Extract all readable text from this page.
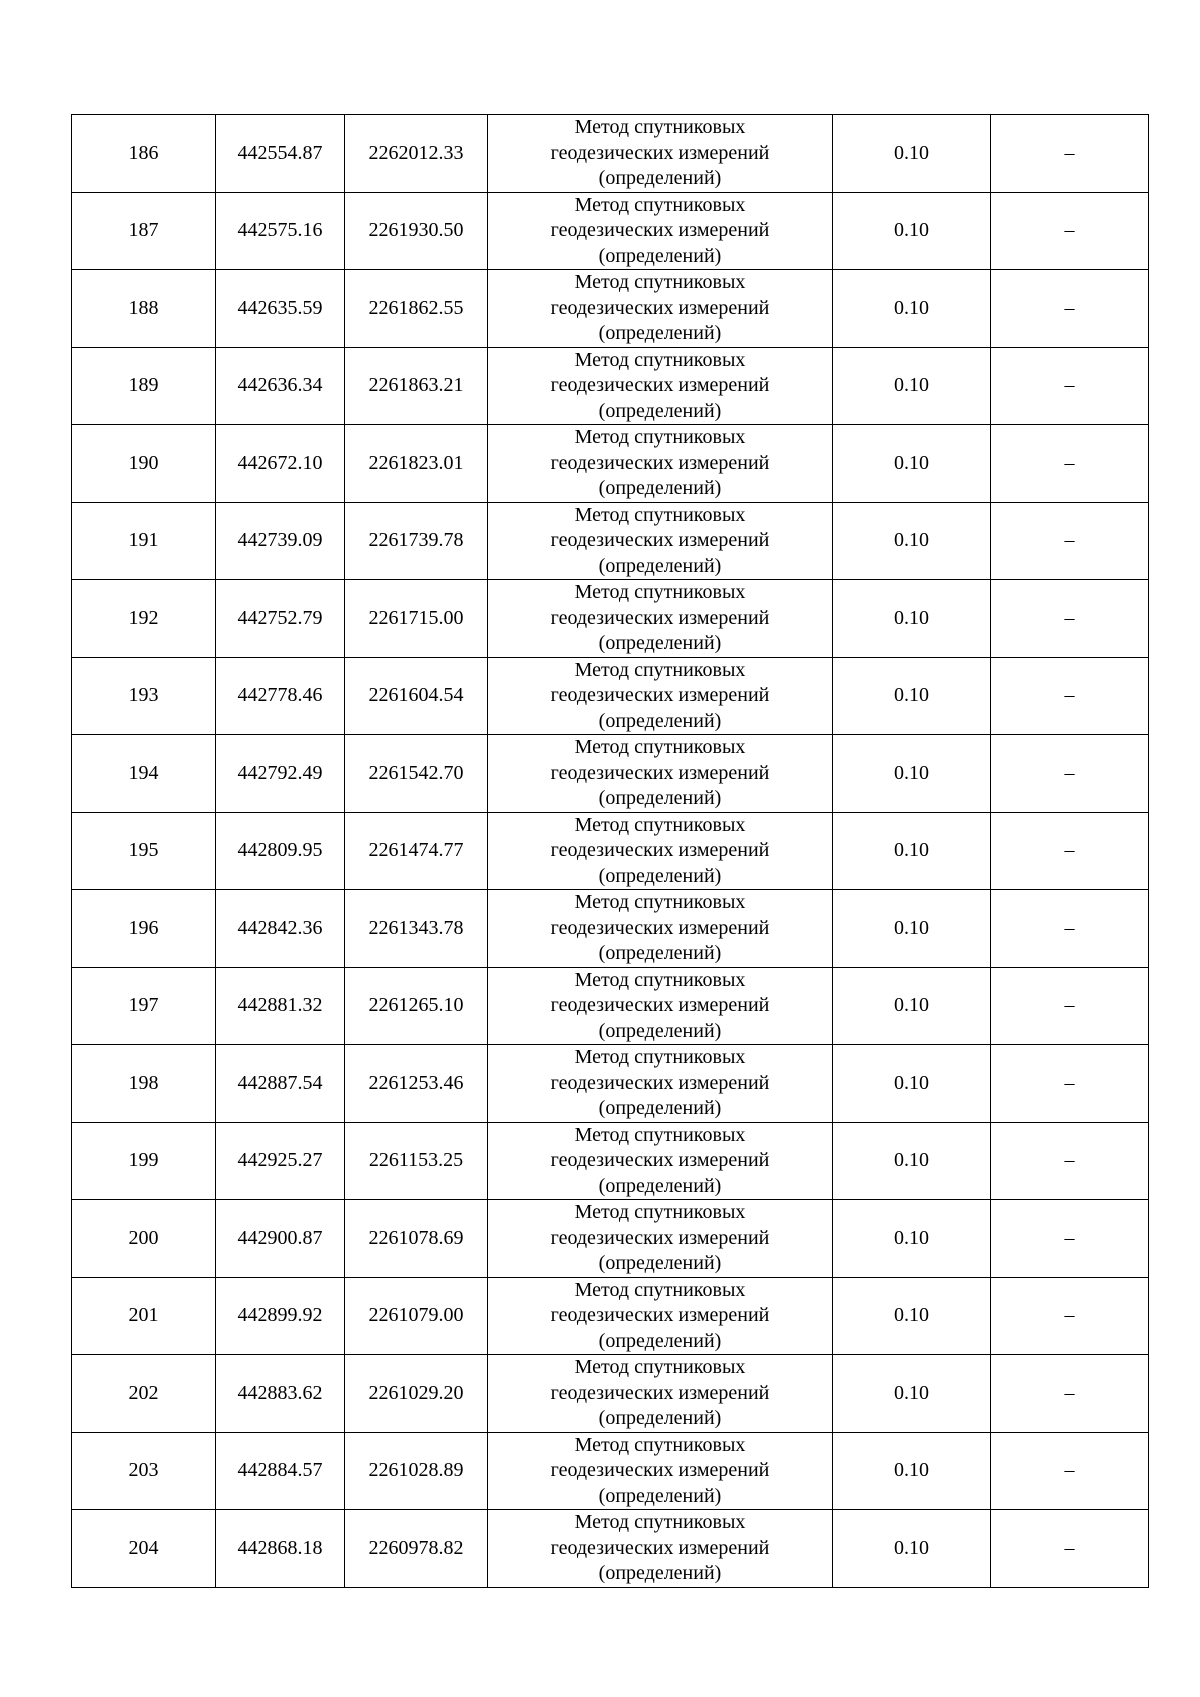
186	442554.87	2262012.33	Метод спутниковых
геодезических измерений
(определений)	0.10	–
187	442575.16	2261930.50	Метод спутниковых
геодезических измерений
(определений)	0.10	–
188	442635.59	2261862.55	Метод спутниковых
геодезических измерений
(определений)	0.10	–
189	442636.34	2261863.21	Метод спутниковых
геодезических измерений
(определений)	0.10	–
190	442672.10	2261823.01	Метод спутниковых
геодезических измерений
(определений)	0.10	–
191	442739.09	2261739.78	Метод спутниковых
геодезических измерений
(определений)	0.10	–
192	442752.79	2261715.00	Метод спутниковых
геодезических измерений
(определений)	0.10	–
193	442778.46	2261604.54	Метод спутниковых
геодезических измерений
(определений)	0.10	–
194	442792.49	2261542.70	Метод спутниковых
геодезических измерений
(определений)	0.10	–
195	442809.95	2261474.77	Метод спутниковых
геодезических измерений
(определений)	0.10	–
196	442842.36	2261343.78	Метод спутниковых
геодезических измерений
(определений)	0.10	–
197	442881.32	2261265.10	Метод спутниковых
геодезических измерений
(определений)	0.10	–
198	442887.54	2261253.46	Метод спутниковых
геодезических измерений
(определений)	0.10	–
199	442925.27	2261153.25	Метод спутниковых
геодезических измерений
(определений)	0.10	–
200	442900.87	2261078.69	Метод спутниковых
геодезических измерений
(определений)	0.10	–
201	442899.92	2261079.00	Метод спутниковых
геодезических измерений
(определений)	0.10	–
202	442883.62	2261029.20	Метод спутниковых
геодезических измерений
(определений)	0.10	–
203	442884.57	2261028.89	Метод спутниковых
геодезических измерений
(определений)	0.10	–
204	442868.18	2260978.82	Метод спутниковых
геодезических измерений
(определений)	0.10	–
